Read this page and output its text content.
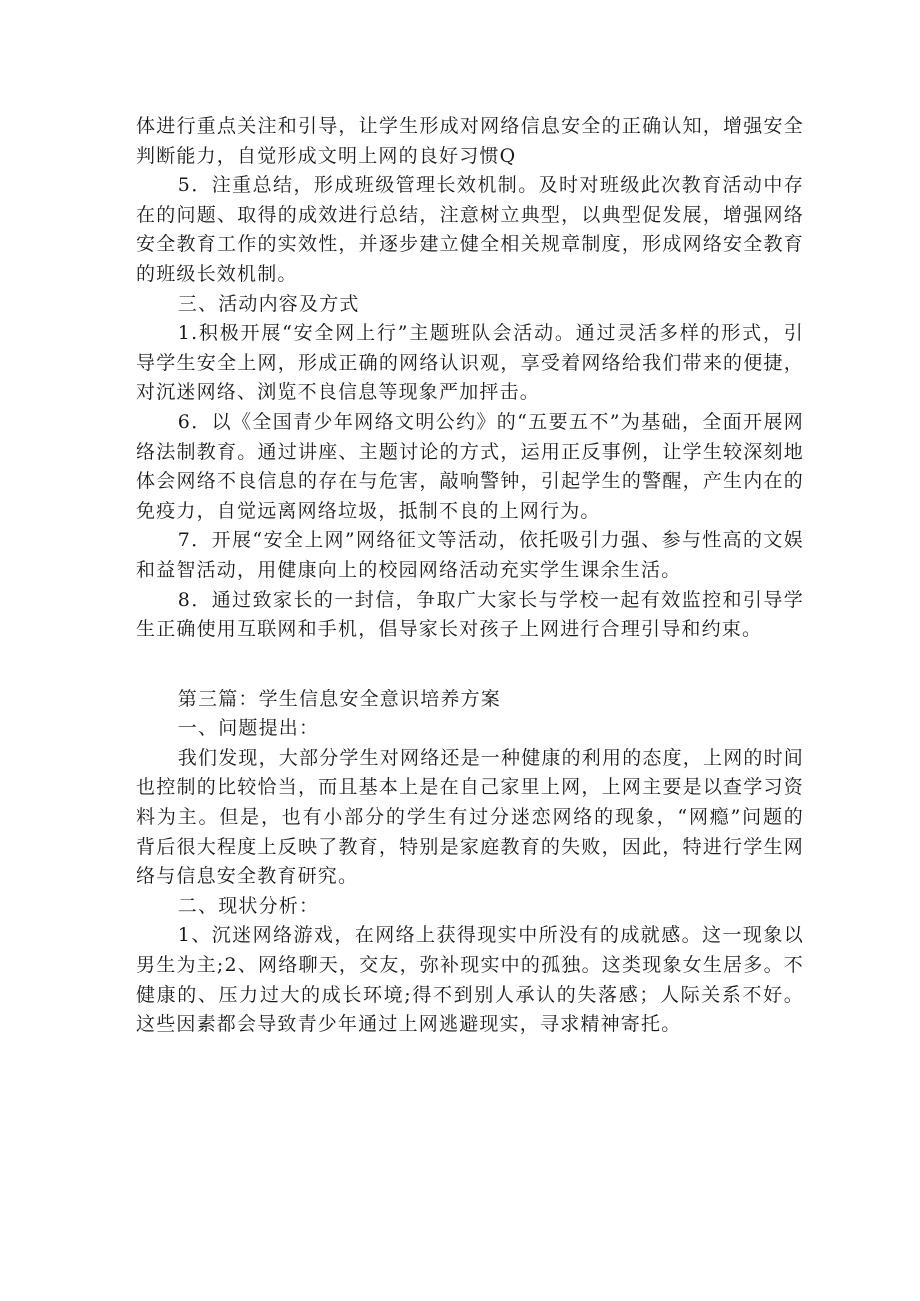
体进行重点关注和引导，让学生形成对网络信息安全的正确认知，增强安全判断能力，自觉形成文明上网的良好习惯Q

5．注重总结，形成班级管理长效机制。及时对班级此次教育活动中存在的问题、取得的成效进行总结，注意树立典型，以典型促发展，增强网络安全教育工作的实效性，并逐步建立健全相关规章制度，形成网络安全教育的班级长效机制。

三、活动内容及方式

1.积极开展“安全网上行”主题班队会活动。通过灵活多样的形式，引导学生安全上网，形成正确的网络认识观，享受着网络给我们带来的便捷，对沉迷网络、浏览不良信息等现象严加抨击。

6．以《全国青少年网络文明公约》的“五要五不”为基础，全面开展网络法制教育。通过讲座、主题讨论的方式，运用正反事例，让学生较深刻地体会网络不良信息的存在与危害，敲响警钟，引起学生的警醒，产生内在的免疫力，自觉远离网络垃圾，抵制不良的上网行为。

7．开展“安全上网”网络征文等活动，依托吸引力强、参与性高的文娱和益智活动，用健康向上的校园网络活动充实学生课余生活。

8．通过致家长的一封信，争取广大家长与学校一起有效监控和引导学生正确使用互联网和手机，倡导家长对孩子上网进行合理引导和约束。

第三篇：学生信息安全意识培养方案

一、问题提出：

我们发现，大部分学生对网络还是一种健康的利用的态度，上网的时间也控制的比较恰当，而且基本上是在自己家里上网，上网主要是以查学习资料为主。但是，也有小部分的学生有过分迷恋网络的现象，“网瘾”问题的背后很大程度上反映了教育，特别是家庭教育的失败，因此，特进行学生网络与信息安全教育研究。

二、现状分析：

1、沉迷网络游戏，在网络上获得现实中所没有的成就感。这一现象以男生为主;2、网络聊天，交友，弥补现实中的孤独。这类现象女生居多。不健康的、压力过大的成长环境;得不到别人承认的失落感；人际关系不好。这些因素都会导致青少年通过上网逃避现实，寻求精神寄托。
